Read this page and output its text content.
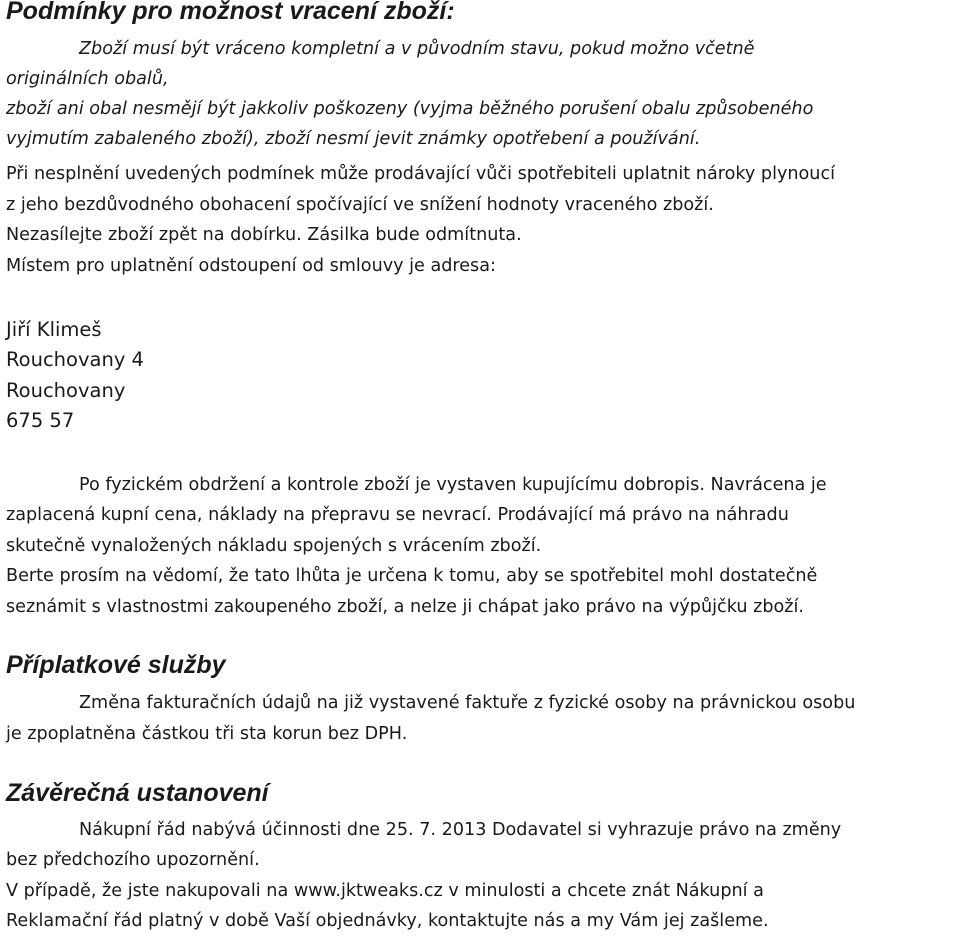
Podmínky pro možnost vracení zboží:

Zboží musí být vráceno kompletní a v původním stavu, pokud možno včetně

originálních obalů,

zboží ani obal nesmějí být jakkoliv poškozeny (vyjma běžného porušení obalu způsobeného

vyjmutím zabaleného zboží), zboží nesmí jevit známky opotřebení a používání.

Při nesplnění uvedených podmínek může prodávající vůči spotřebiteli uplatnit nároky plynoucí

z jeho bezdůvodného obohacení spočívající ve snížení hodnoty vraceného zboží.

Nezasílejte zboží zpět na dobírku. Zásilka bude odmítnuta.

Místem pro uplatnění odstoupení od smlouvy je adresa:

Jiří Klimeš

Rouchovany 4

Rouchovany

675 57

Po fyzickém obdržení a kontrole zboží je vystaven kupujícímu dobropis. Navrácena je

zaplacená kupní cena, náklady na přepravu se nevrací. Prodávající má právo na náhradu

skutečně vynaložených nákladu spojených s vrácením zboží.

Berte prosím na vědomí, že tato lhůta je určena k tomu, aby se spotřebitel mohl dostatečně

seznámit s vlastnostmi zakoupeného zboží, a nelze ji chápat jako právo na výpůjčku zboží.

Příplatkové služby

Změna fakturačních údajů na již vystavené faktuře z fyzické osoby na právnickou osobu

je zpoplatněna částkou tři sta korun bez DPH.

Závěrečná ustanovení

Nákupní řád nabývá účinnosti dne 25. 7. 2013 Dodavatel si vyhrazuje právo na změny

bez předchozího upozornění.

V případě, že jste nakupovali na www.jktweaks.cz v minulosti a chcete znát Nákupní a

Reklamační řád platný v době Vaší objednávky, kontaktujte nás a my Vám jej zašleme.
